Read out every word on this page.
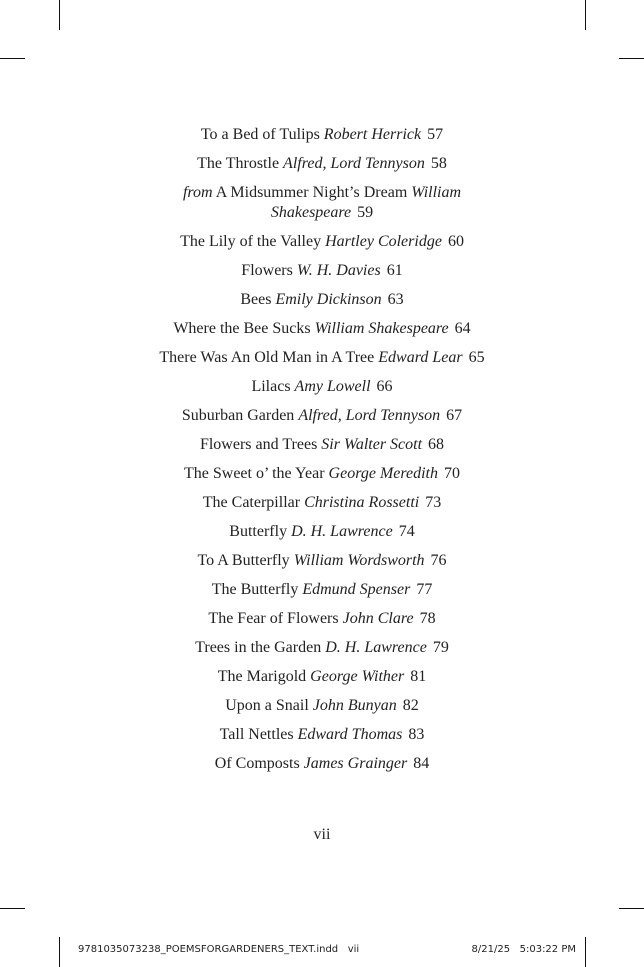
To a Bed of Tulips Robert Herrick 57
The Throstle Alfred, Lord Tennyson 58
from A Midsummer Night’s Dream William Shakespeare 59
The Lily of the Valley Hartley Coleridge 60
Flowers W. H. Davies 61
Bees Emily Dickinson 63
Where the Bee Sucks William Shakespeare 64
There Was An Old Man in A Tree Edward Lear 65
Lilacs Amy Lowell 66
Suburban Garden Alfred, Lord Tennyson 67
Flowers and Trees Sir Walter Scott 68
The Sweet o’ the Year George Meredith 70
The Caterpillar Christina Rossetti 73
Butterfly D. H. Lawrence 74
To A Butterfly William Wordsworth 76
The Butterfly Edmund Spenser 77
The Fear of Flowers John Clare 78
Trees in the Garden D. H. Lawrence 79
The Marigold George Wither 81
Upon a Snail John Bunyan 82
Tall Nettles Edward Thomas 83
Of Composts James Grainger 84
vii
9781035073238_POEMSFORGARDENERS_TEXT.indd vii	8/21/25 5:03:22 PM
